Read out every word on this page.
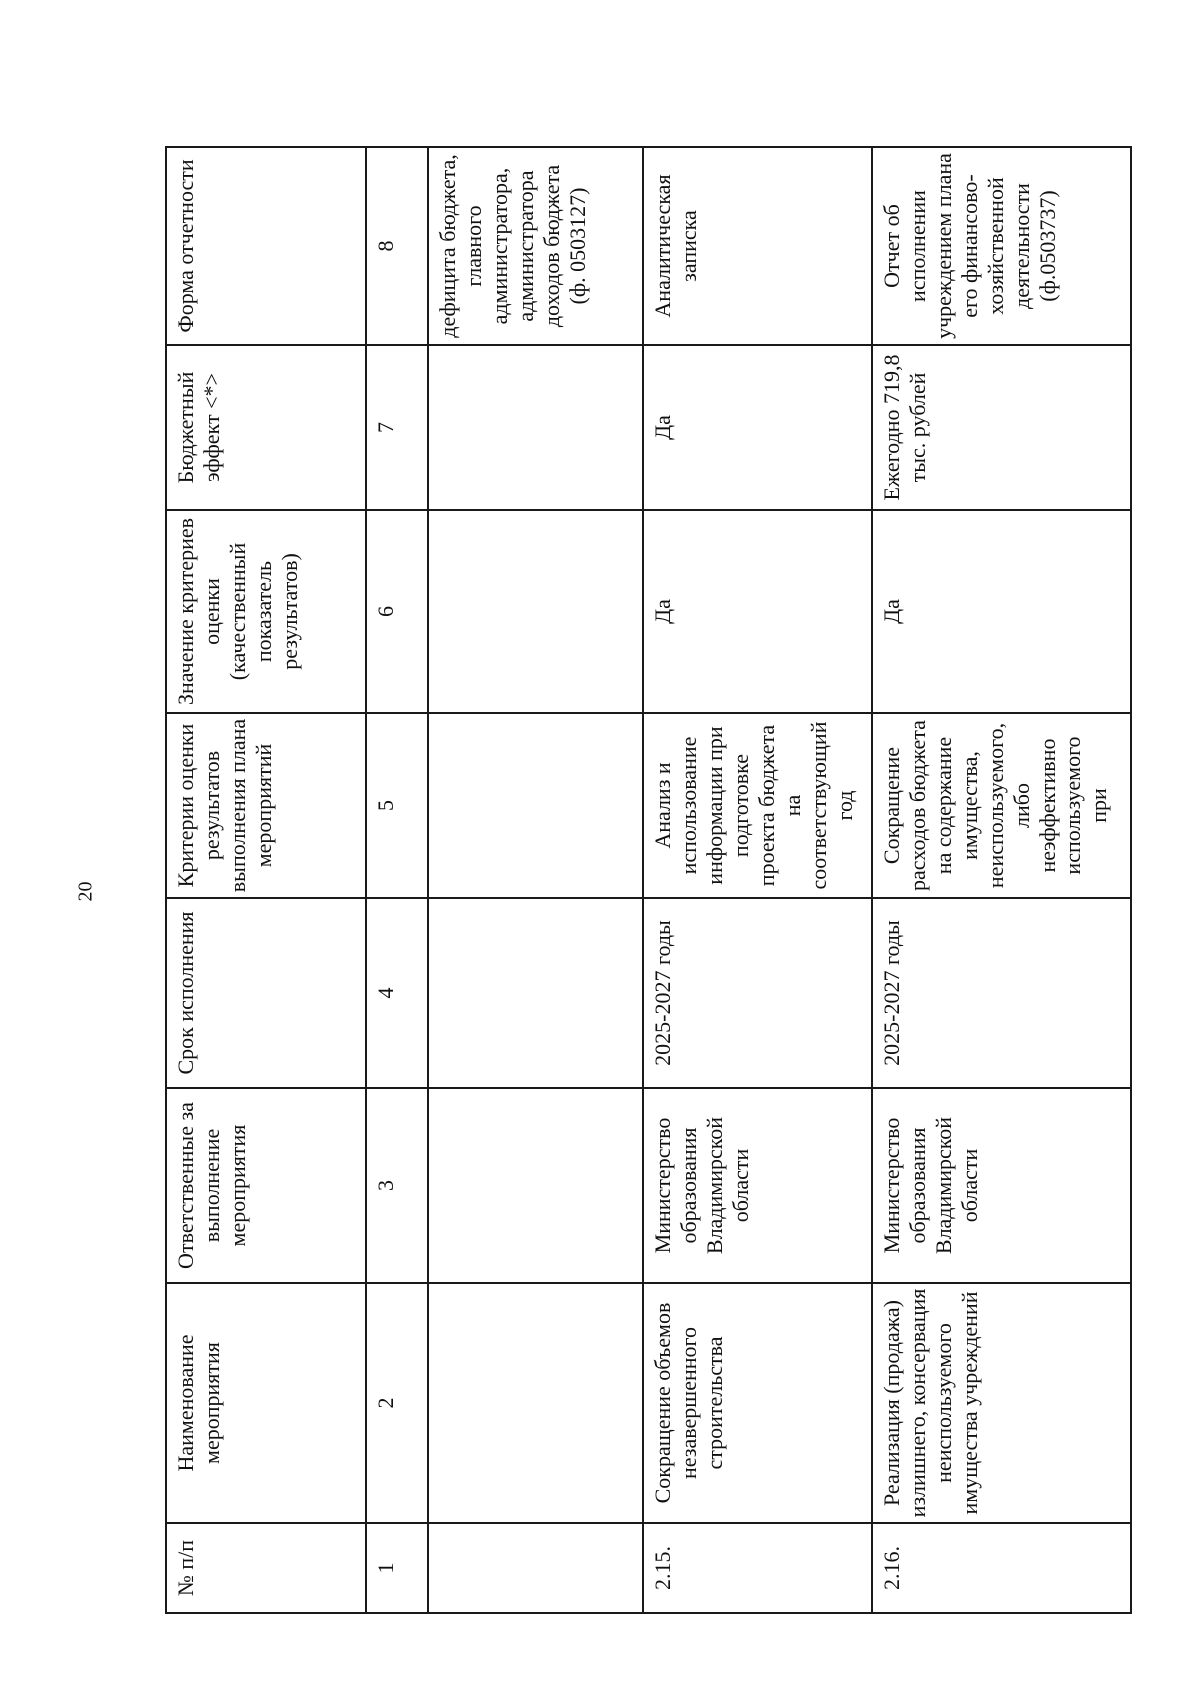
20
№ п/п	Наименование мероприятия	Ответственные за выполнение мероприятия	Срок исполнения	Критерии оценки результатов выполнения плана мероприятий	Значение критериев оценки (качественный показатель результатов)	Бюджетный эффект <*>	Форма отчетности
1	2	3	4	5	6	7	8
							дефицита бюджета, главного администратора, администратора доходов бюджета (ф. 0503127)
2.15.	Сокращение объемов незавершенного строительства	Министерство образования Владимирской области	2025-2027 годы	Анализ и использование информации при подготовке проекта бюджета на соответствующий год	Да	Да	Аналитическая записка
2.16.	Реализация (продажа) излишнего, консервация неиспользуемого имущества учреждений	Министерство образования Владимирской области	2025-2027 годы	Сокращение расходов бюджета на содержание имущества, неиспользуемого, либо неэффективно используемого при	Да	Ежегодно 719,8 тыс. рублей	Отчет об исполнении учреждением плана его финансово-хозяйственной деятельности (ф.0503737)
